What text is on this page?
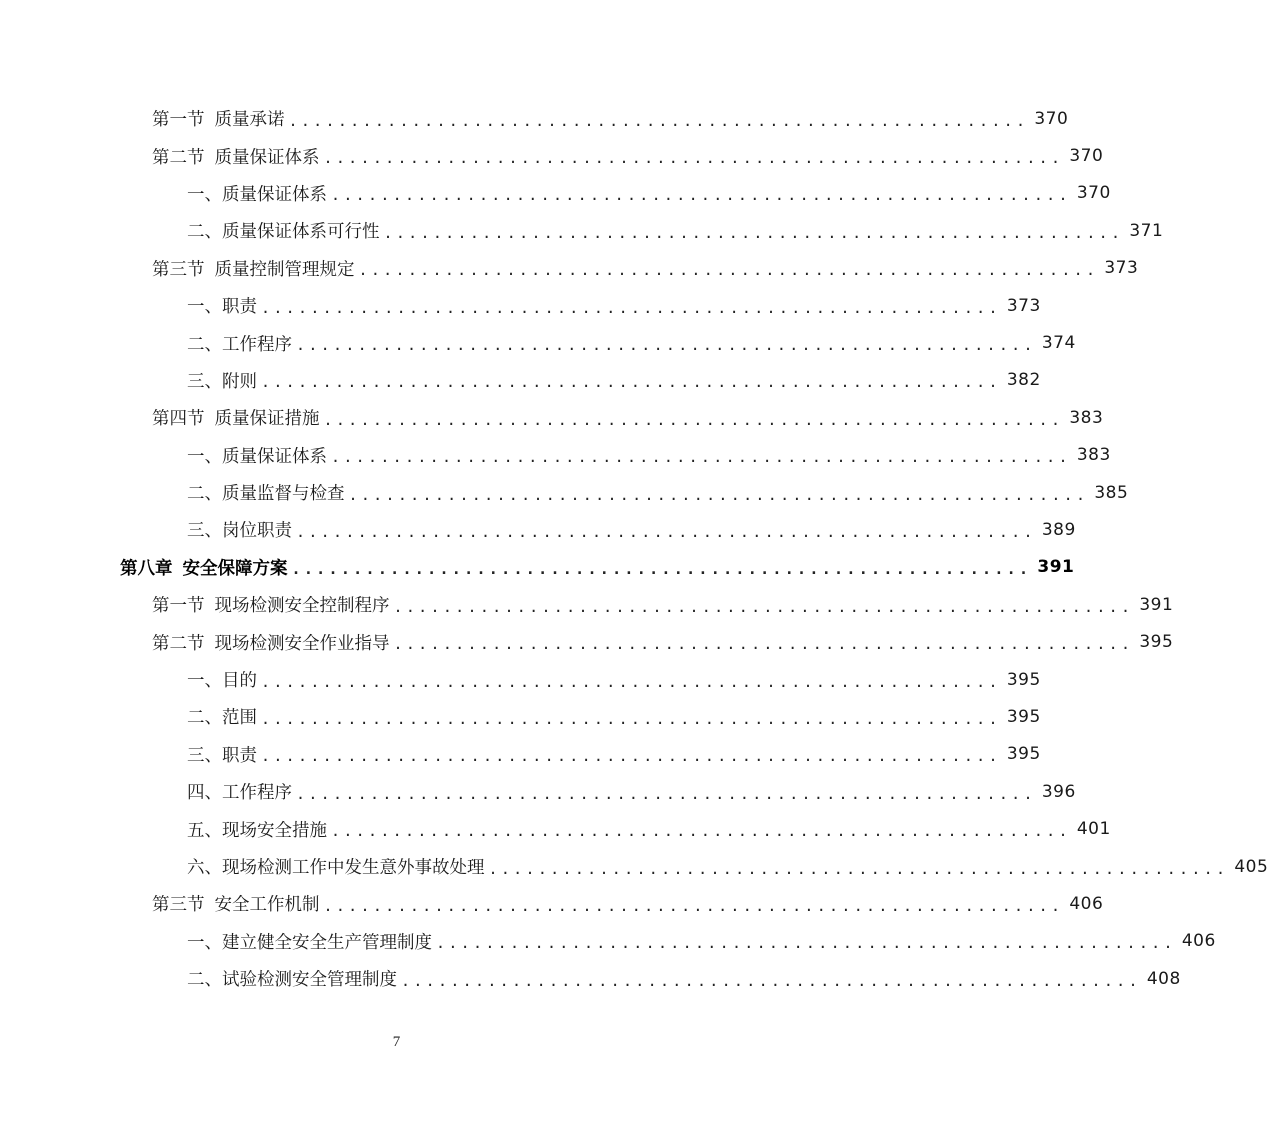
第一节 质量承诺 ............................................................ 370
第二节 质量保证体系 ............................................................ 370
一、质量保证体系 ............................................................ 370
二、质量保证体系可行性 ............................................................ 371
第三节 质量控制管理规定 ............................................................ 373
一、职责 ............................................................ 373
二、工作程序 ............................................................ 374
三、附则 ............................................................ 382
第四节 质量保证措施 ............................................................ 383
一、质量保证体系 ............................................................ 383
二、质量监督与检查 ............................................................ 385
三、岗位职责 ............................................................ 389
第八章 安全保障方案 ............................................................ 391
第一节 现场检测安全控制程序 ............................................................ 391
第二节 现场检测安全作业指导 ............................................................ 395
一、目的 ............................................................ 395
二、范围 ............................................................ 395
三、职责 ............................................................ 395
四、工作程序 ............................................................ 396
五、现场安全措施 ............................................................ 401
六、现场检测工作中发生意外事故处理 ............................................................ 405
第三节 安全工作机制 ............................................................ 406
一、建立健全安全生产管理制度 ............................................................ 406
二、试验检测安全管理制度 ............................................................ 408
7
